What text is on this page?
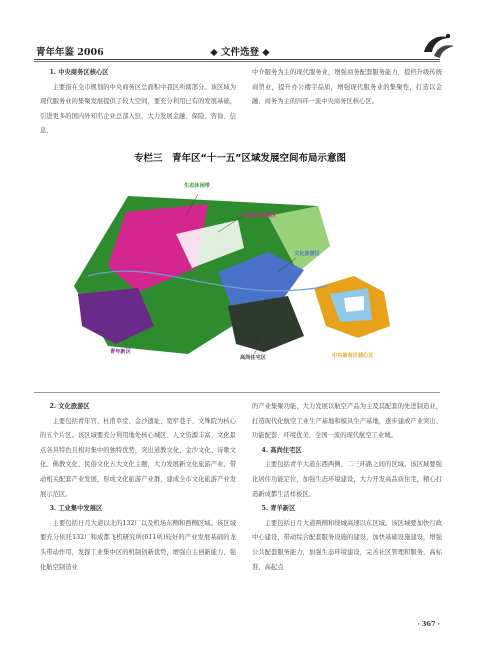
青年年鉴 2006	◆ 文件选登 ◆

1. 中央商务区核心区

主要指在全市规划的中央商务区总面积中我区所辖部分。该区域为现代服务业的集聚发展提供了较大空间，要充分利用已有的发展基础，引进更多的国内外知名企业总部入驻，大力发展金融、保险、咨询、信息、

中介服务为主的现代服务业，增强商务配套服务能力，提档升级传统商贸业，提升办公楼宇品质，增强现代服务业的集聚性，打造以金融、商务为主的四环一流中央商务区核心区。

专栏三　青年区“十一五”区域发展空间布局示意图
生态休闲带
工业集中发展区
文化旅游区
青年新区
高尚住宅区	中央商务区核心区

2. 文化旅游区

主要包括青年官、杜甫草堂、金沙遗址、宽窄巷子、文殊院为核心的五个片区。该区域要充分利用地处核心城区、人文资源丰富、文化景点各具特色且相对集中的独特优势，突出道教文化、金沙文化、诗歌文化、佛教文化、民俗文化五大文化主题，大力发展新文化旅游产业，带动相关配套产业发展，形成文化旅游产业群，建成全市文化旅游产业发展示范区。

3. 工业集中发展区

主要包括日月大道以北的132厂以及机场东侧和西侧区域。该区域要充分依托132厂和成都飞机研究所(611所)较好的产业发展基础的龙头带动作用，发挥工业集中区的机制创新优势，增强自主创新能力，强化航空制造业

的产业集聚功能，大力发展以航空产品为主及其配套的先进制造业，打造现代化航空工业生产基地和模具生产基地，逐步建成产业突出、功能配套、环境优美、全国一流的现代航空工业城。

4. 高尚住宅区

主要包括青羊大道东西两侧、二三环路之间的区域。该区域要强化居住功能定位，加强生态环境建设，大力开发高品质住宅，精心打造新成都生活样板区。

5. 青羊新区

主要包括日月大道两侧和绕城高速以东区域。该区域要加快行政中心建设，带动综合配套服务设施的建设，加快基础设施建设，增强公共配套服务能力，加强生态环境建设，完善社区管理和服务，高标准、高起点

· 367 ·
